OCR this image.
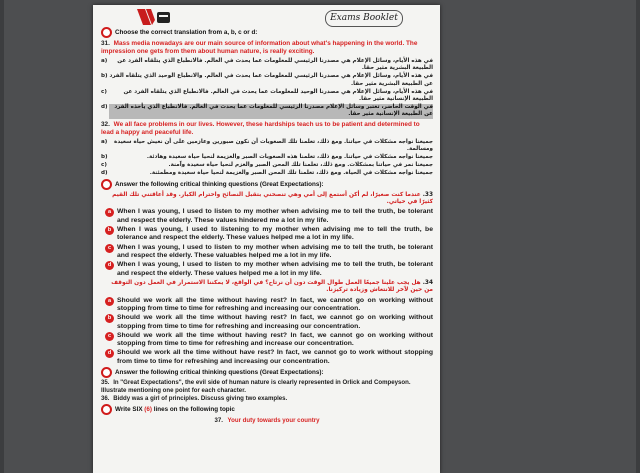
Exams Booklet
Choose the correct translation from a, b, c or d:
31. Mass media nowadays are our main source of information about what's happening in the world. The impression one gets from them about human nature, is really exciting.
a)	في هذه الأيام، وسائل الإعلام هي مصدرنا الرئيسي للمعلومات عما يحدث في العالم. فالانطباع الذي يتلقاه الفرد عن الطبيعة البشرية مثير حقا.
b) في هذه الأيام، وسائل الإعلام هي مصدرنا الرئيسي للمعلومات عما يحدث في العالم. والانطباع الوحيد الذي يتلقاه الفرد عن الطبيعة البشرية مثير حقا.
c)	في هذه الأيام، وسائل الإعلام هي مصدرنا الوحيد للمعلومات عما يحدث في العالم. فالانطباع الذي يتلقاه الفرد عن الطبيعة الإنسانية مثير حقا.
d)	في الوقت الحاضر، تعتبر وسائل الإعلام مصدرنا الرئيسي للمعلومات عما يحدث في العالم. فالانطباع الذي يأخذه الفرد عن الطبيعة الإنسانية مثير حقا.
32. We all face problems in our lives. However, these hardships teach us to be patient and determined to lead a happy and peaceful life.
a)	جميعنا نواجه مشكلات في حياتنا. ومع ذلك، تعلمنا تلك الصعوبات أن نكون صبورين وعازمين على أن نعيش حياة سعيدة ومسالمة.
b)	جميعنا نواجه مشكلات في حياتنا. ومع ذلك، تعلمنا هذه الصعوبات الصبر والعزيمة لنحيا حياة سعيدة وهادئة.
c)	جميعنا نمر في حياتنا بمشكلات. ومع ذلك، تعلمنا تلك المحن الصبر والعزم لنحيا حياة سعيدة وآمنة.
d)	جميعنا نواجه مشكلات في الحياة. ومع ذلك، تعلمنا تلك المحن الصبر والعزيمة لنحيا حياة سعيدة ومطمئنة.
Answer the following critical thinking questions (Great Expectations):
33. عندما كنت صغيرًا، لم أكن أستمع إلى أمي وهي تنصحني بتقبل النصائح واحترام الكبار. وقد أعاقتني تلك القيم كثيرًا في حياتي.
a When I was young, I used to listen to my mother when advising me to tell the truth, be tolerant and respect the elderly. These values hindered me a lot in my life.
b When I was young, I used to listening to my mother when advising me to tell the truth, be tolerance and respect the elderly. These values helped me a lot in my life.
c When I was young, I used to listen to my mother when advising me to tell the truth, be tolerant and respect the elderly. These valuables helped me a lot in my life.
d When I was young, I used to listen to my mother when advising me to tell the truth, be tolerant and respect the elderly. These values helped me a lot in my life.
34. هل يجب علينا جميعًا العمل طوال الوقت دون أن نرتاح؟ في الواقع، لا يمكننا الاستمرار في العمل دون التوقف من حين لآخر للانتعاش وزيادة تركيزنا.
a Should we work all the time without having rest? In fact, we cannot go on working without stopping from time to time for refreshing and increasing our concentration.
b Should we work all the time without having rest? In fact, we cannot go on working without stopping from time to time for refreshing and increasing our concentration.
c Should we work all the time without having rest? In fact, we cannot go on working without stopping from time to time for refreshing and increase our concentration.
d Should we work all the time without have rest? In fact, we cannot go to work without stopping from time to time for refreshing and increasing our concentration.
Answer the following critical thinking questions (Great Expectations):
35. In "Great Expectations", the evil side of human nature is clearly represented in Orlick and Compeyson. Illustrate mentioning one point for each character.
36. Biddy was a girl of principles. Discuss giving two examples.
Write SIX (6) lines on the following topic
37. Your duty towards your country
